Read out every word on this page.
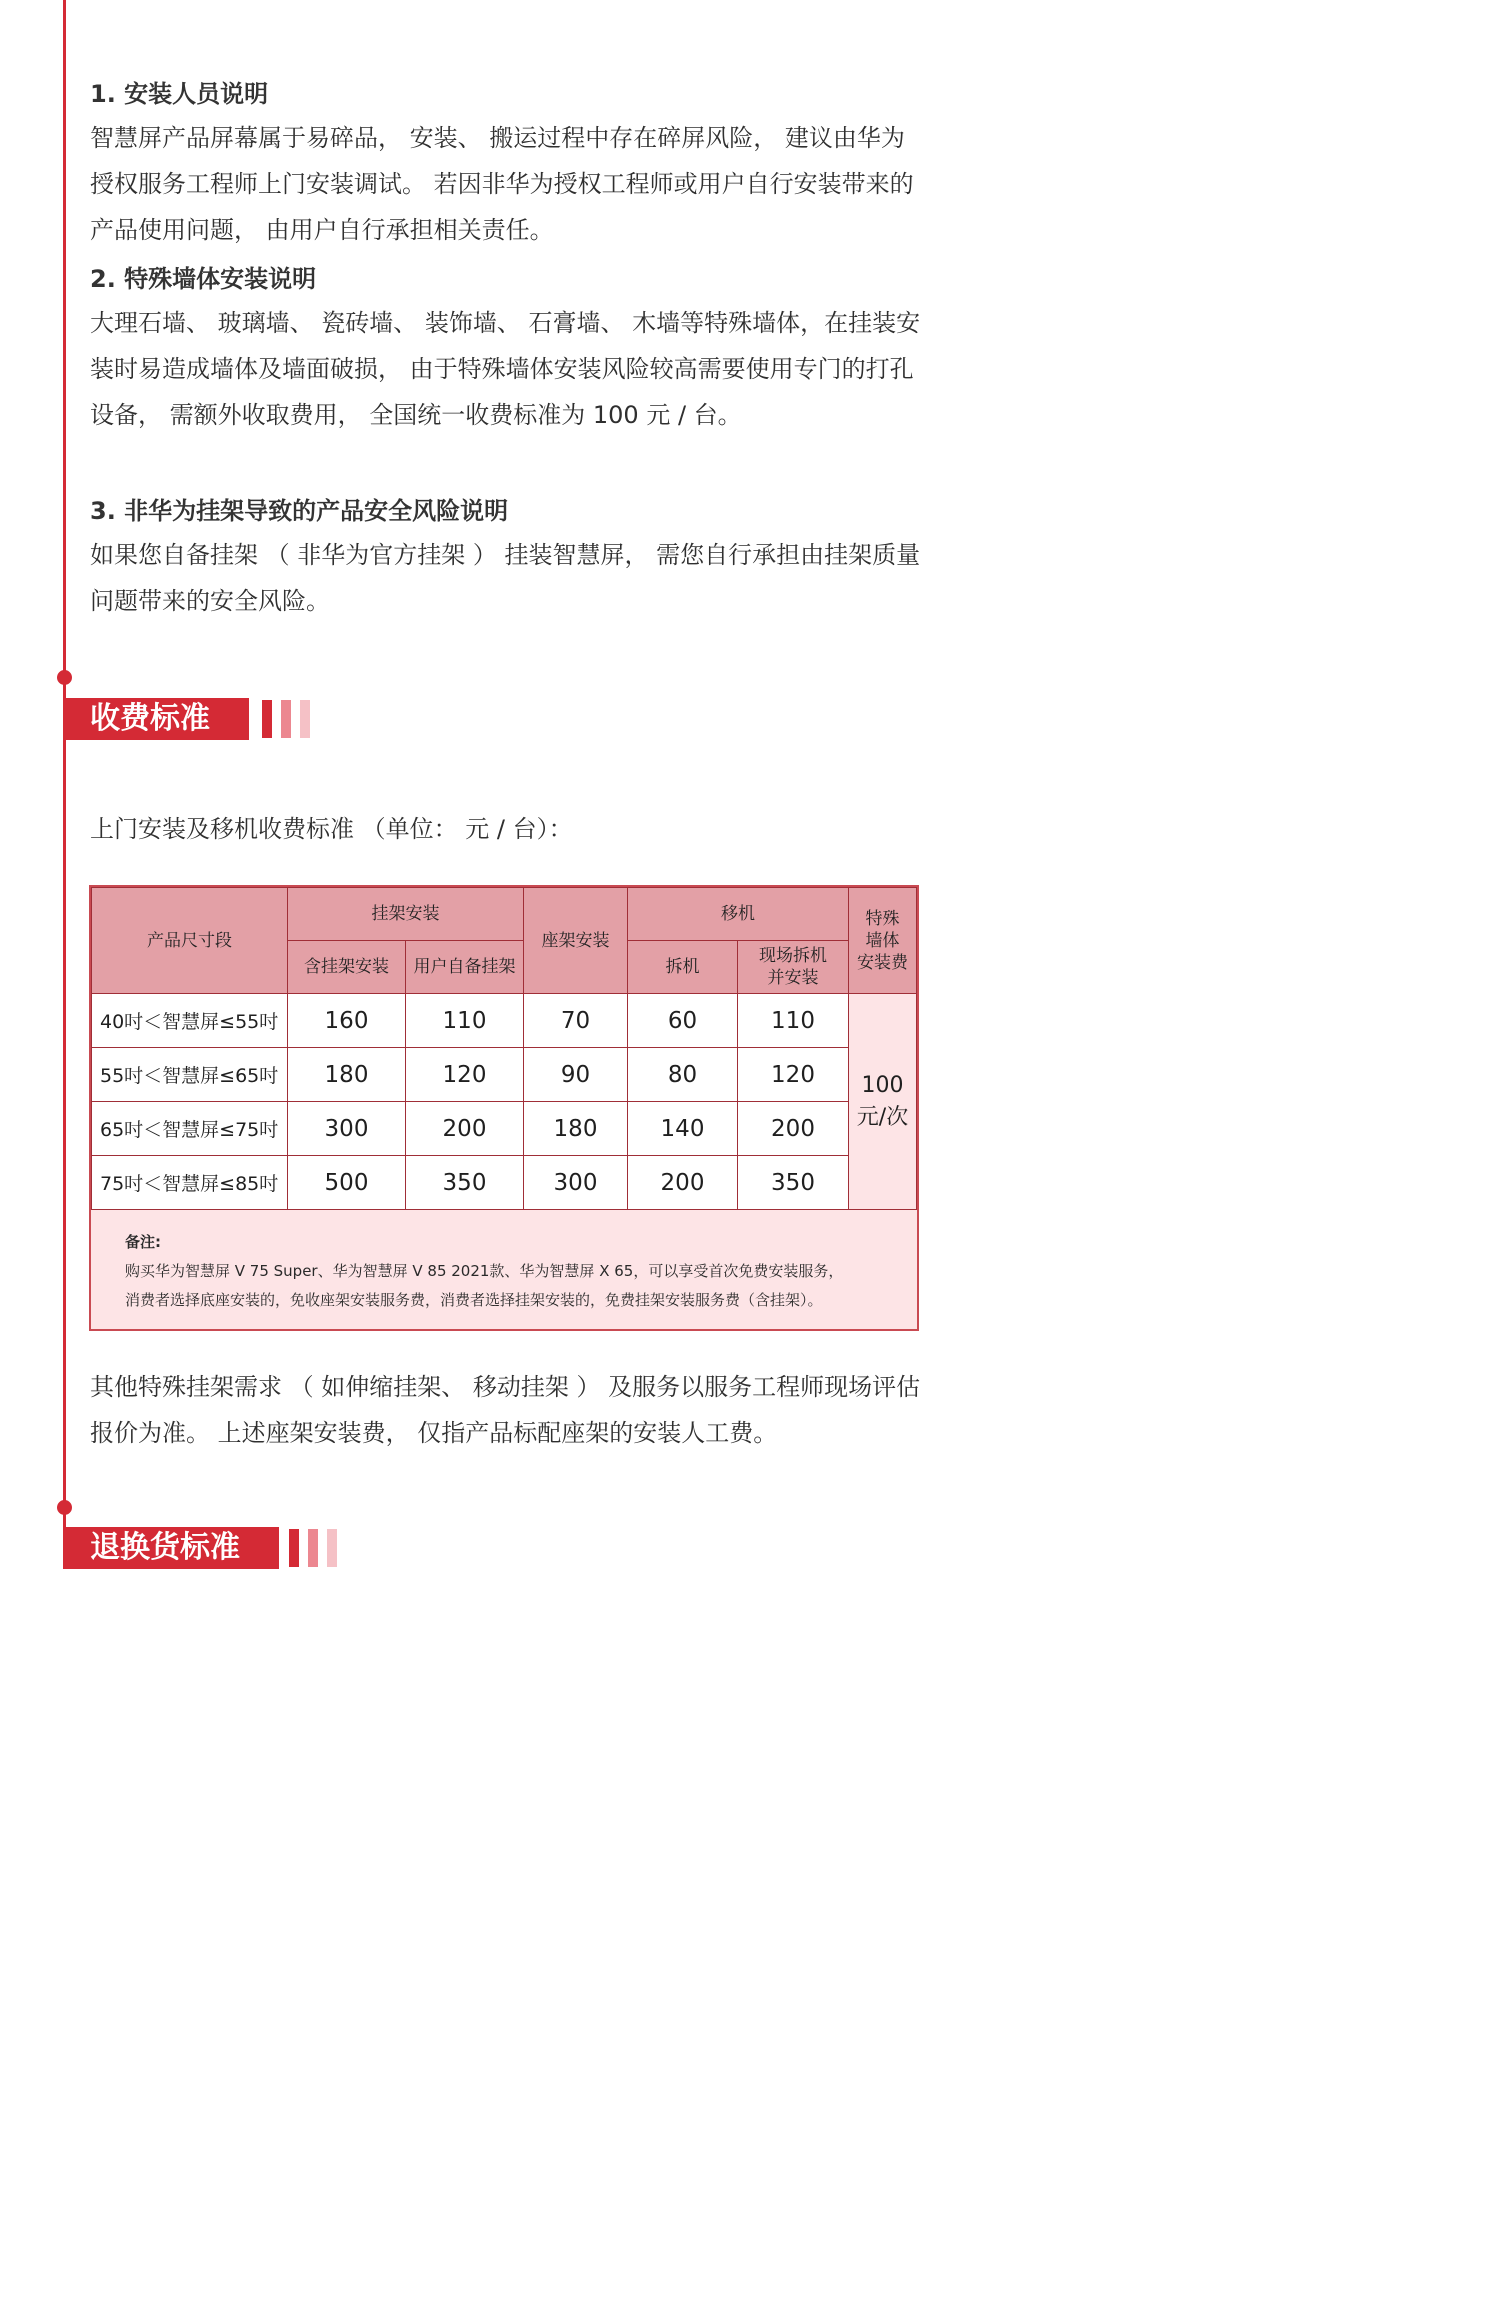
1. 安装人员说明

智慧屏产品屏幕属于易碎品， 安装、 搬运过程中存在碎屏风险， 建议由华为授权服务工程师上门安装调试。 若因非华为授权工程师或用户自行安装带来的产品使用问题， 由用户自行承担相关责任。

2. 特殊墙体安装说明

大理石墙、 玻璃墙、 瓷砖墙、 装饰墙、 石膏墙、 木墙等特殊墙体，在挂装安装时易造成墙体及墙面破损， 由于特殊墙体安装风险较高需要使用专门的打孔设备， 需额外收取费用， 全国统一收费标准为 100 元 / 台。

3. 非华为挂架导致的产品安全风险说明

如果您自备挂架 （ 非华为官方挂架 ） 挂装智慧屏， 需您自行承担由挂架质量问题带来的安全风险。

收费标准
上门安装及移机收费标准 （单位： 元 / 台）：
产品尺寸段	挂架安装		座架安装	移机		特殊
墙体
安装费
	含挂架安装	用户自备挂架		拆机	现场拆机
并安装	
40吋＜智慧屏≤55吋	160	110	70	60	110	100
元/次
55吋＜智慧屏≤65吋	180	120	90	80	120	
65吋＜智慧屏≤75吋	300	200	180	140	200	
75吋＜智慧屏≤85吋	500	350	300	200	350	
备注:
购买华为智慧屏 V 75 Super、华为智慧屏 V 85 2021款、华为智慧屏 X 65，可以享受首次免费安装服务，
消费者选择底座安装的，免收座架安装服务费，消费者选择挂架安装的，免费挂架安装服务费（含挂架）。

其他特殊挂架需求 （ 如伸缩挂架、 移动挂架 ） 及服务以服务工程师现场评估报价为准。 上述座架安装费， 仅指产品标配座架的安装人工费。

退换货标准
